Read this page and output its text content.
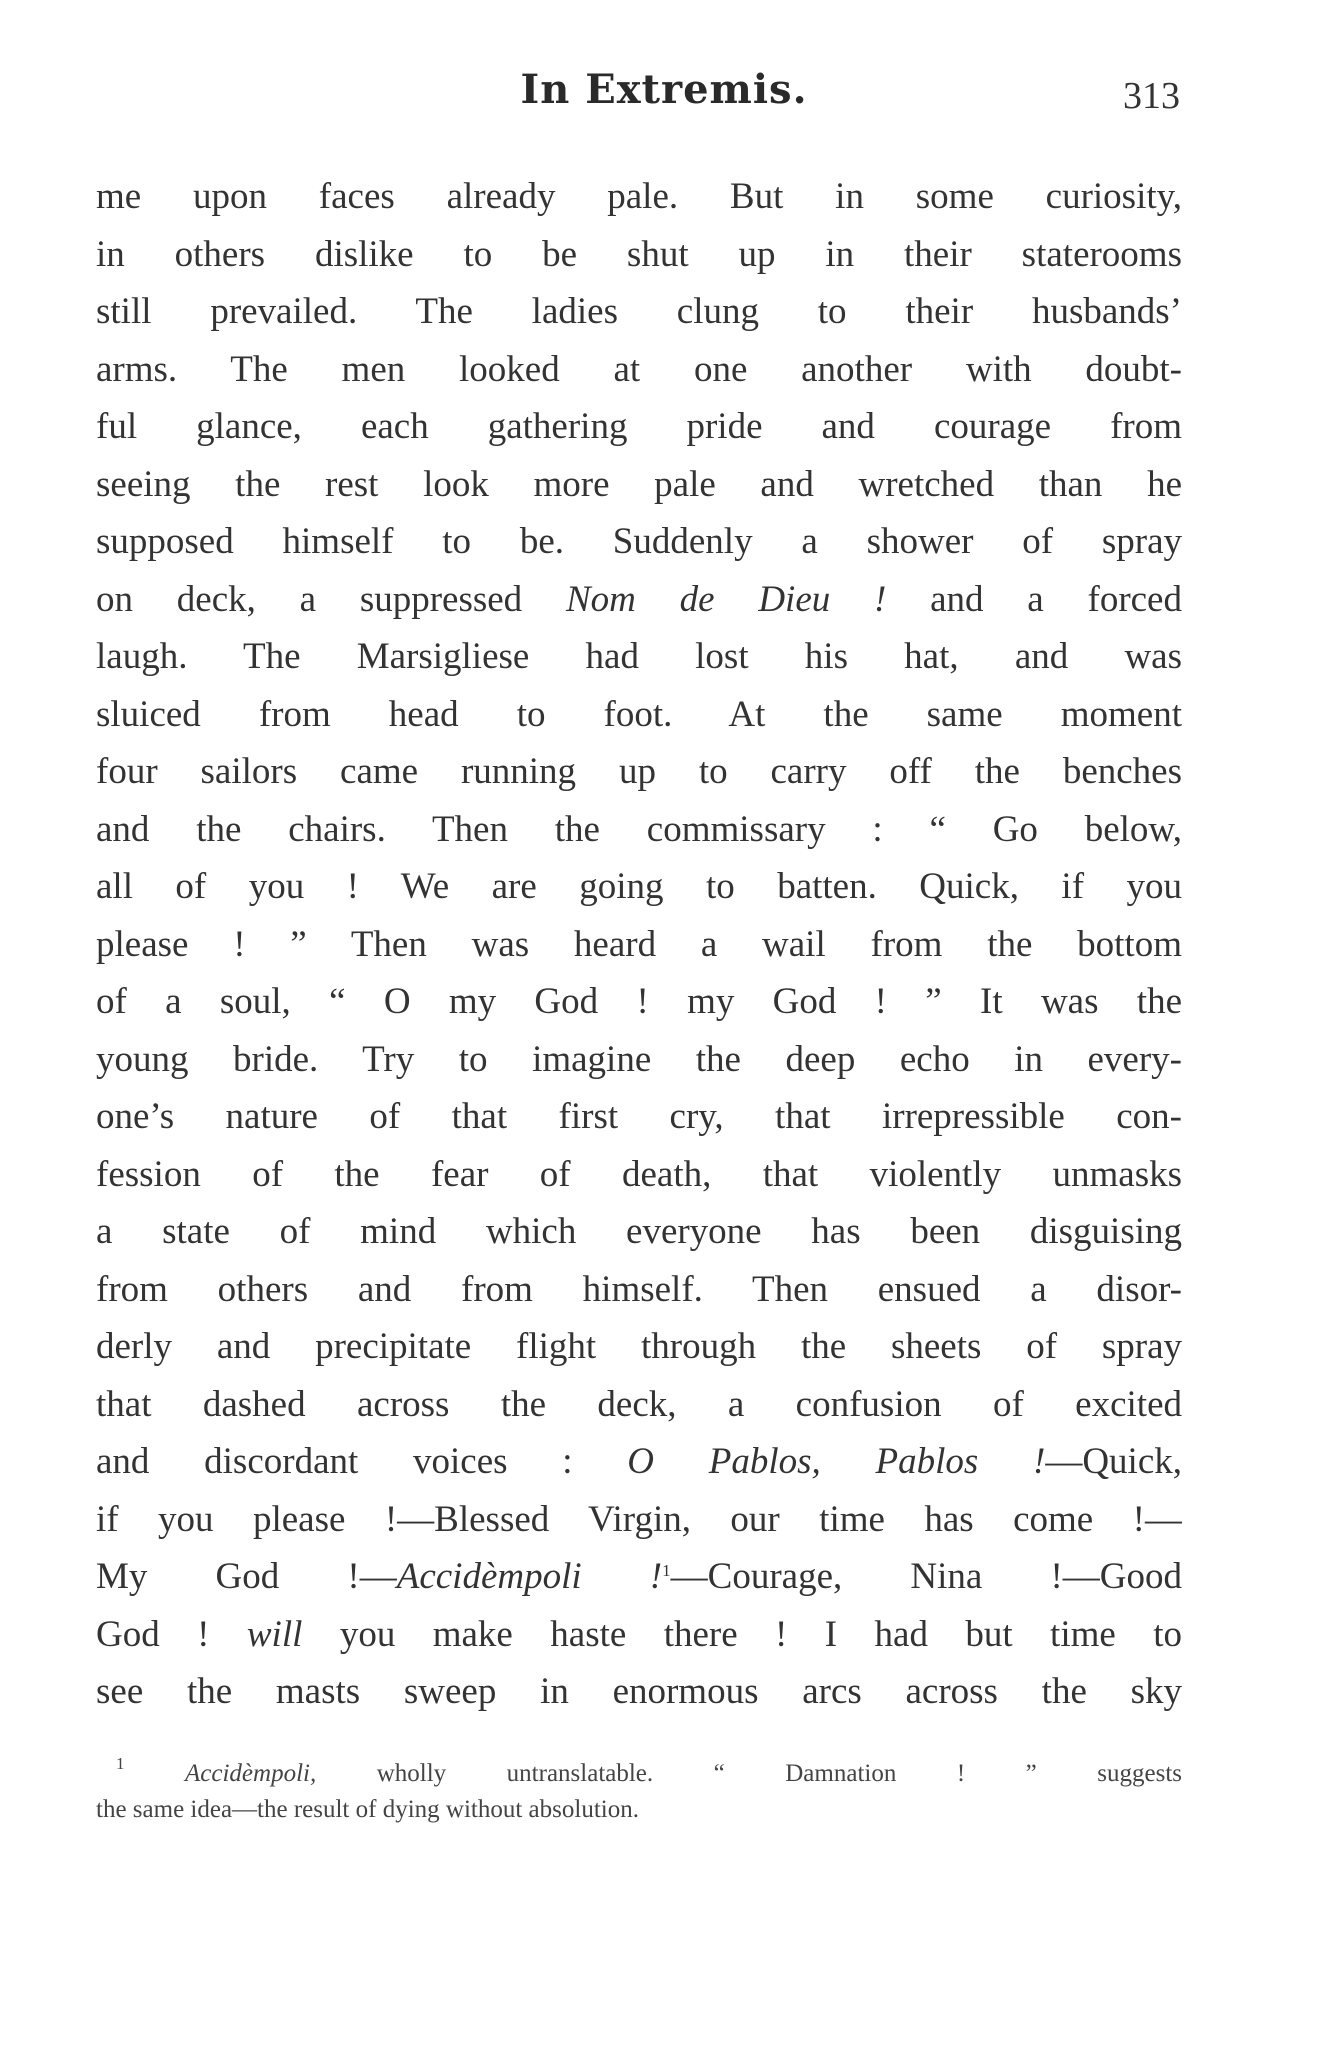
In Extremis.	313
me upon faces already pale. But in some curiosity,
in others dislike to be shut up in their staterooms
still prevailed. The ladies clung to their husbands’
arms. The men looked at one another with doubt-
ful glance, each gathering pride and courage from
seeing the rest look more pale and wretched than he
supposed himself to be. Suddenly a shower of spray
on deck, a suppressed Nom de Dieu ! and a forced
laugh. The Marsigliese had lost his hat, and was
sluiced from head to foot. At the same moment
four sailors came running up to carry off the benches
and the chairs. Then the commissary : “ Go below,
all of you ! We are going to batten. Quick, if you
please ! ” Then was heard a wail from the bottom
of a soul, “ O my God ! my God ! ” It was the
young bride. Try to imagine the deep echo in every-
one’s nature of that first cry, that irrepressible con-
fession of the fear of death, that violently unmasks
a state of mind which everyone has been disguising
from others and from himself. Then ensued a disor-
derly and precipitate flight through the sheets of spray
that dashed across the deck, a confusion of excited
and discordant voices : O Pablos, Pablos !—Quick,
if you please !—Blessed Virgin, our time has come !—
My God !—Accidèmpoli !$^1$—Courage, Nina !—Good
God ! will you make haste there ! I had but time to
see the masts sweep in enormous arcs across the sky
$^1$ Accidèmpoli, wholly untranslatable. “ Damnation ! ” suggests
the same idea—the result of dying without absolution.
